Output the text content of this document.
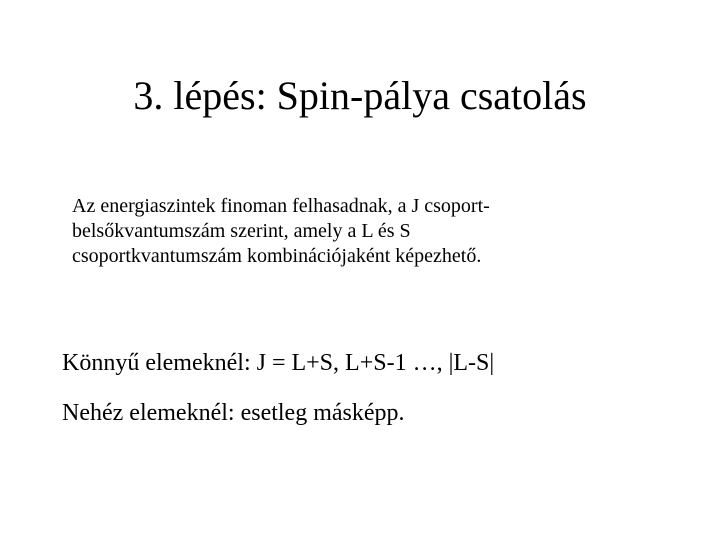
3. lépés: Spin-pálya csatolás

Az energiaszintek finoman felhasadnak, a J csoport-
belsőkvantumszám szerint, amely a L és S
csoportkvantumszám kombinációjaként képezhető.

Könnyű elemeknél: J = L+S, L+S-1 …, |L-S|

Nehéz elemeknél: esetleg másképp.
